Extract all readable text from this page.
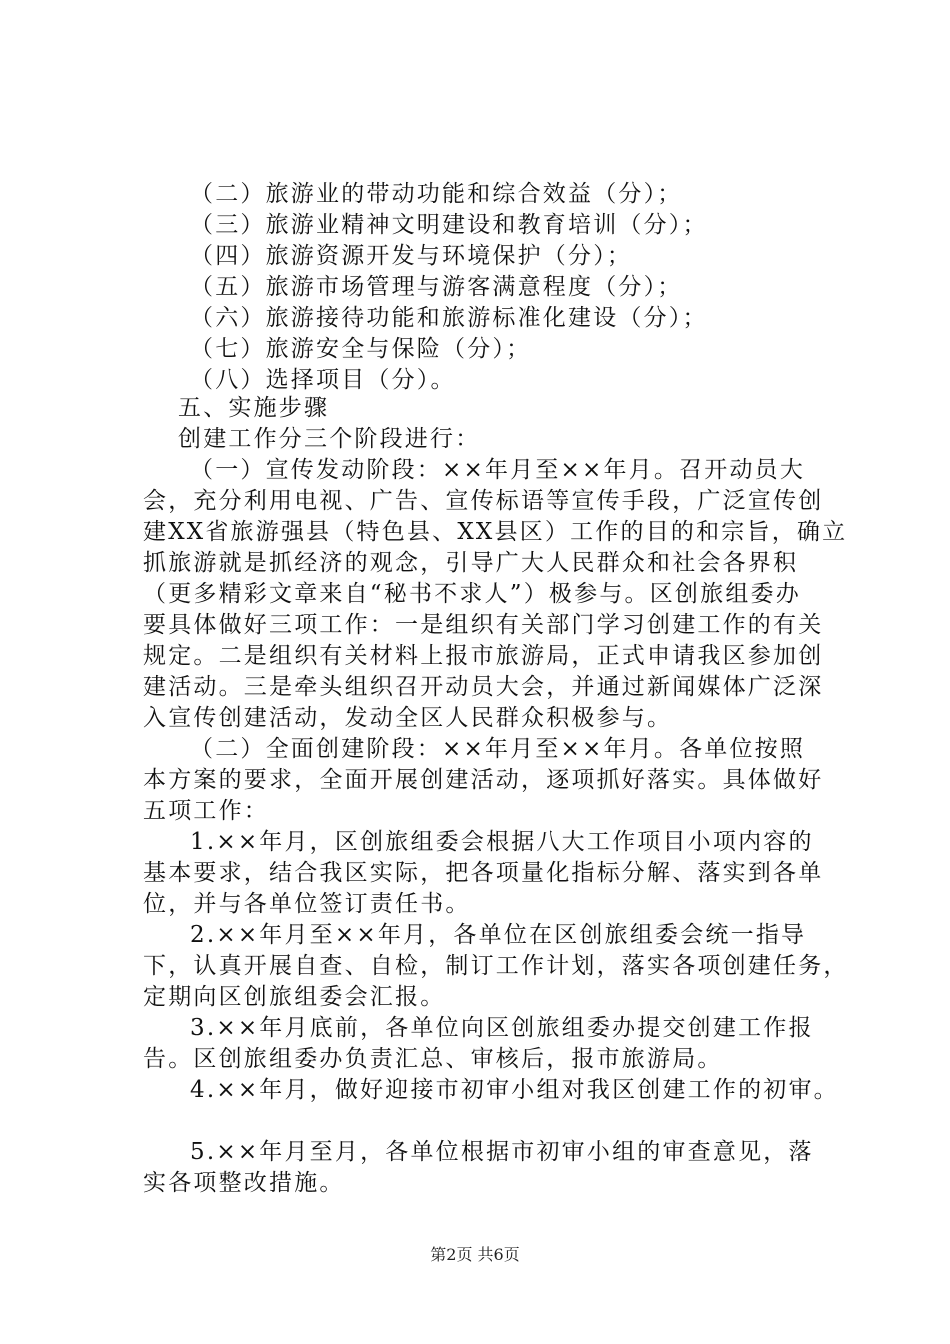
（二）旅游业的带动功能和综合效益（分）；
（三）旅游业精神文明建设和教育培训（分）；
（四）旅游资源开发与环境保护（分）；
（五）旅游市场管理与游客满意程度（分）；
（六）旅游接待功能和旅游标准化建设（分）；
（七）旅游安全与保险（分）；
（八）选择项目（分）。
五、实施步骤
创建工作分三个阶段进行：
（一）宣传发动阶段：××年月至××年月。召开动员大
会，充分利用电视、广告、宣传标语等宣传手段，广泛宣传创
建XX省旅游强县（特色县、XX县区）工作的目的和宗旨，确立
抓旅游就是抓经济的观念，引导广大人民群众和社会各界积
（更多精彩文章来自“秘书不求人”）极参与。区创旅组委办
要具体做好三项工作：一是组织有关部门学习创建工作的有关
规定。二是组织有关材料上报市旅游局，正式申请我区参加创
建活动。三是牵头组织召开动员大会，并通过新闻媒体广泛深
入宣传创建活动，发动全区人民群众积极参与。
（二）全面创建阶段：××年月至××年月。各单位按照
本方案的要求，全面开展创建活动，逐项抓好落实。具体做好
五项工作：
1.××年月，区创旅组委会根据八大工作项目小项内容的
基本要求，结合我区实际，把各项量化指标分解、落实到各单
位，并与各单位签订责任书。
2.××年月至××年月，各单位在区创旅组委会统一指导
下，认真开展自查、自检，制订工作计划，落实各项创建任务，
定期向区创旅组委会汇报。
3.××年月底前，各单位向区创旅组委办提交创建工作报
告。区创旅组委办负责汇总、审核后，报市旅游局。
4.××年月，做好迎接市初审小组对我区创建工作的初审。
5.××年月至月，各单位根据市初审小组的审查意见，落
实各项整改措施。
第2页 共6页
